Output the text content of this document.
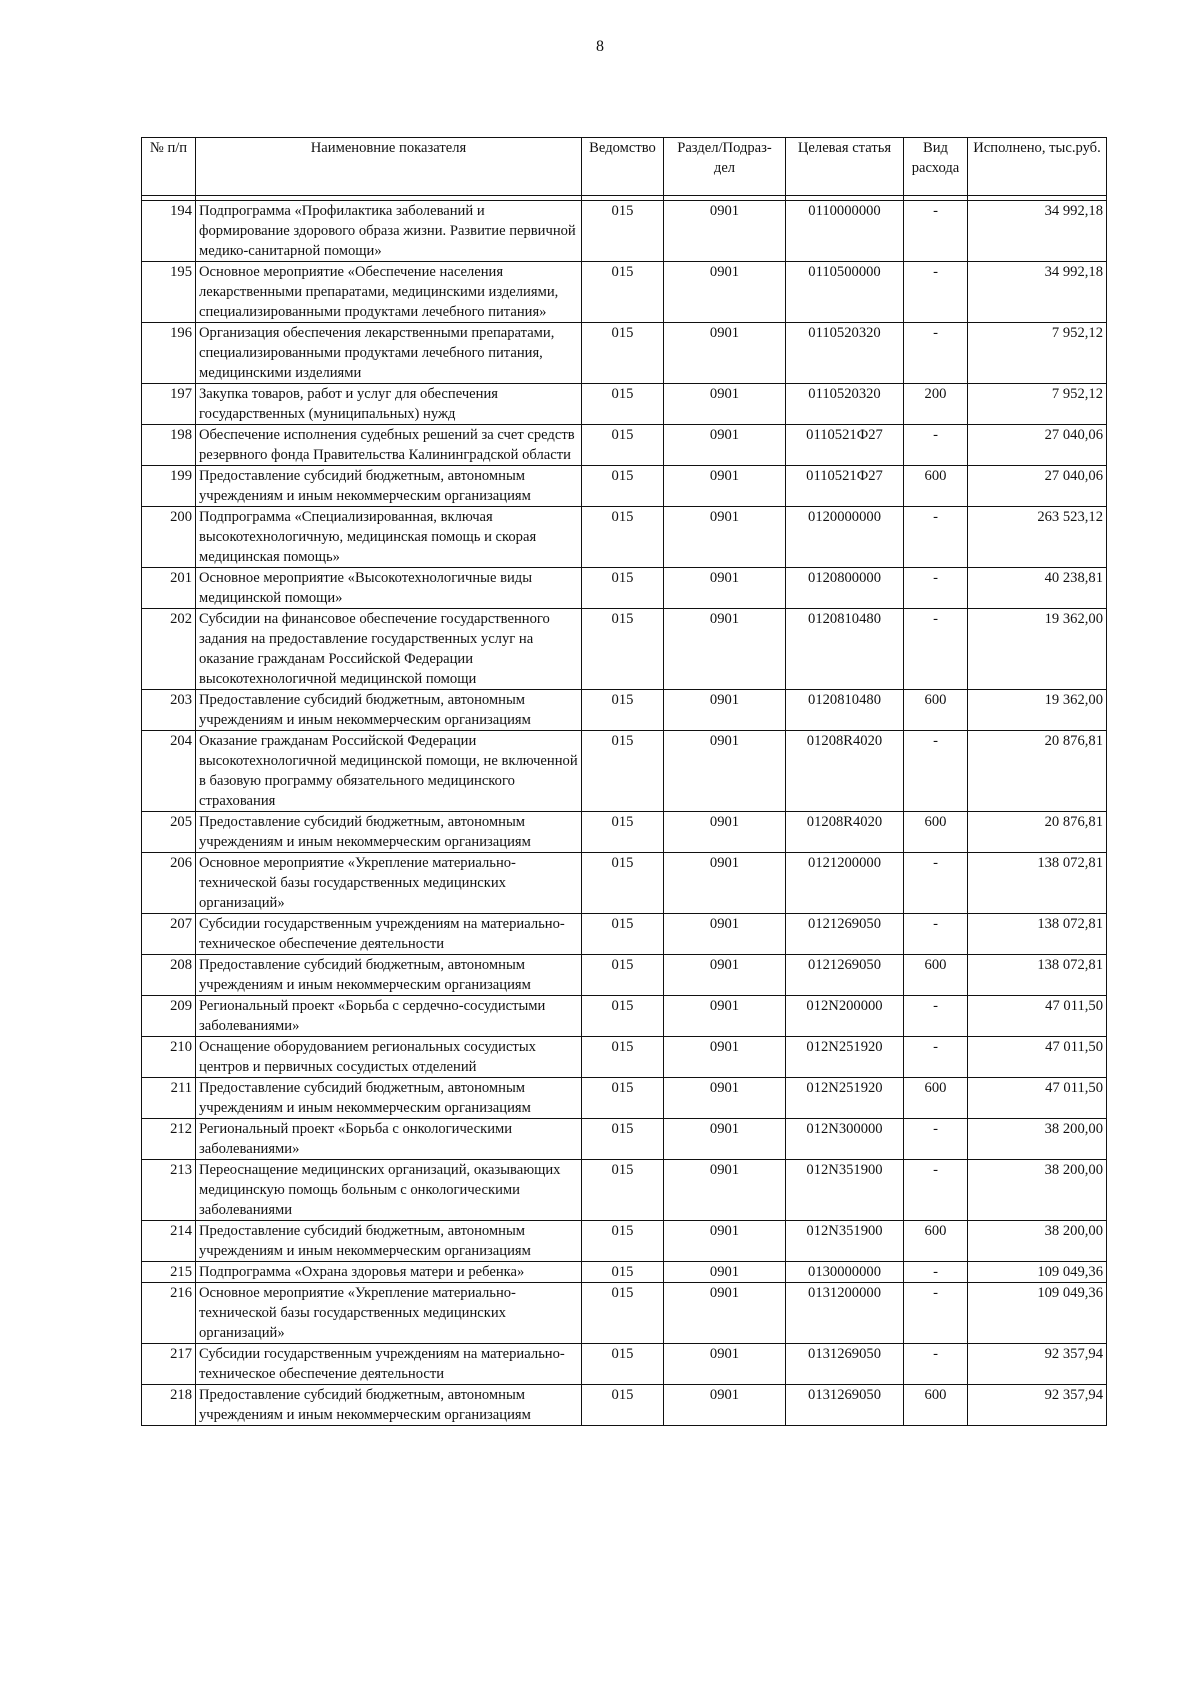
8
№ п/п	Наименовние показателя	Ведомство	Раздел/Подраз-дел	Целевая статья	Вид расхода	Исполнено, тыс.руб.

194	Подпрограмма «Профилактика заболеваний и формирование здорового образа жизни. Развитие первичной медико-санитарной помощи»	015	0901	0110000000	-	34 992,18
195	Основное мероприятие «Обеспечение населения лекарственными препаратами, медицинскими изделиями, специализированными продуктами лечебного питания»	015	0901	0110500000	-	34 992,18
196	Организация обеспечения лекарственными препаратами, специализированными продуктами лечебного питания, медицинскими изделиями	015	0901	0110520320	-	7 952,12
197	Закупка товаров, работ и услуг для обеспечения государственных (муниципальных) нужд	015	0901	0110520320	200	7 952,12
198	Обеспечение исполнения судебных решений за счет средств резервного фонда Правительства Калининградской области	015	0901	0110521Ф27	-	27 040,06
199	Предоставление субсидий бюджетным, автономным учреждениям и иным некоммерческим организациям	015	0901	0110521Ф27	600	27 040,06
200	Подпрограмма «Специализированная, включая высокотехнологичную, медицинская помощь и скорая медицинская помощь»	015	0901	0120000000	-	263 523,12
201	Основное мероприятие «Высокотехнологичные виды медицинской помощи»	015	0901	0120800000	-	40 238,81
202	Субсидии на финансовое обеспечение государственного задания на предоставление государственных услуг на оказание гражданам Российской Федерации высокотехнологичной медицинской помощи	015	0901	0120810480	-	19 362,00
203	Предоставление субсидий бюджетным, автономным учреждениям и иным некоммерческим организациям	015	0901	0120810480	600	19 362,00
204	Оказание гражданам Российской Федерации высокотехнологичной медицинской помощи, не включенной в базовую программу обязательного медицинского страхования	015	0901	01208R4020	-	20 876,81
205	Предоставление субсидий бюджетным, автономным учреждениям и иным некоммерческим организациям	015	0901	01208R4020	600	20 876,81
206	Основное мероприятие «Укрепление материально-технической базы государственных медицинских организаций»	015	0901	0121200000	-	138 072,81
207	Субсидии государственным учреждениям на материально-техническое обеспечение деятельности	015	0901	0121269050	-	138 072,81
208	Предоставление субсидий бюджетным, автономным учреждениям и иным некоммерческим организациям	015	0901	0121269050	600	138 072,81
209	Региональный проект «Борьба с сердечно-сосудистыми заболеваниями»	015	0901	012N200000	-	47 011,50
210	Оснащение оборудованием региональных сосудистых центров и первичных сосудистых отделений	015	0901	012N251920	-	47 011,50
211	Предоставление субсидий бюджетным, автономным учреждениям и иным некоммерческим организациям	015	0901	012N251920	600	47 011,50
212	Региональный проект «Борьба с онкологическими заболеваниями»	015	0901	012N300000	-	38 200,00
213	Переоснащение медицинских организаций, оказывающих медицинскую помощь больным с онкологическими заболеваниями	015	0901	012N351900	-	38 200,00
214	Предоставление субсидий бюджетным, автономным учреждениям и иным некоммерческим организациям	015	0901	012N351900	600	38 200,00
215	Подпрограмма «Охрана здоровья матери и ребенка»	015	0901	0130000000	-	109 049,36
216	Основное мероприятие «Укрепление материально-технической базы государственных медицинских организаций»	015	0901	0131200000	-	109 049,36
217	Субсидии государственным учреждениям на материально-техническое обеспечение деятельности	015	0901	0131269050	-	92 357,94
218	Предоставление субсидий бюджетным, автономным учреждениям и иным некоммерческим организациям	015	0901	0131269050	600	92 357,94
